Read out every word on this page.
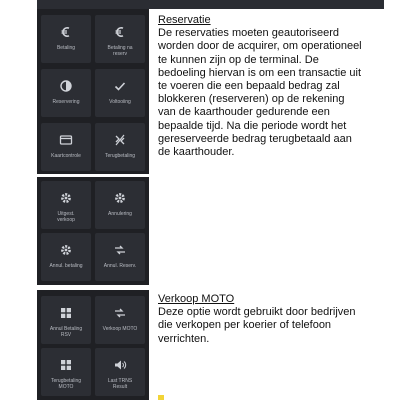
Betaling	Betaling na
reserv
Reservering	Voltooiing
Kaartcontrole	Terugbetaling
Uitgest.
verkoop
Annulering
Annul. betaling	Annul. Reserv.
Annul Betaling
RSV
Verkoop MOTO
Terugbetaling
MOTO
Last TRNS
Result
Reservatie
De reservaties moeten geautoriseerd
worden door de acquirer, om operationeel
te kunnen zijn op de terminal. De
bedoeling hiervan is om een transactie uit
te voeren die een bepaald bedrag zal
blokkeren (reserveren) op de rekening
van de kaarthouder gedurende een
bepaalde tijd. Na die periode wordt het
gereserveerde bedrag terugbetaald aan
de kaarthouder.
Verkoop MOTO
Deze optie wordt gebruikt door bedrijven
die verkopen per koerier of telefoon
verrichten.
